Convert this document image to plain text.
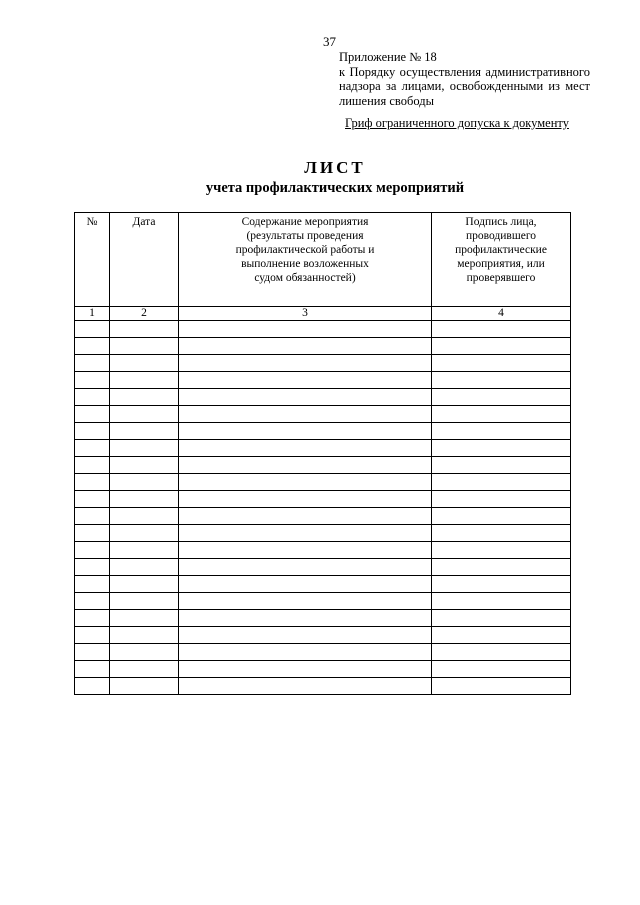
37
Приложение № 18
к Порядку осуществления административного
надзора за лицами, освобожденными из мест
лишения свободы
Гриф ограниченного допуска к документу
ЛИСТ
учета профилактических мероприятий
№	Дата	Содержание мероприятия (результаты проведения профилактической работы и выполнение возложенных судом обязанностей)	Подпись лица, проводившего профилактические мероприятия, или проверявшего
1	2	3	4
